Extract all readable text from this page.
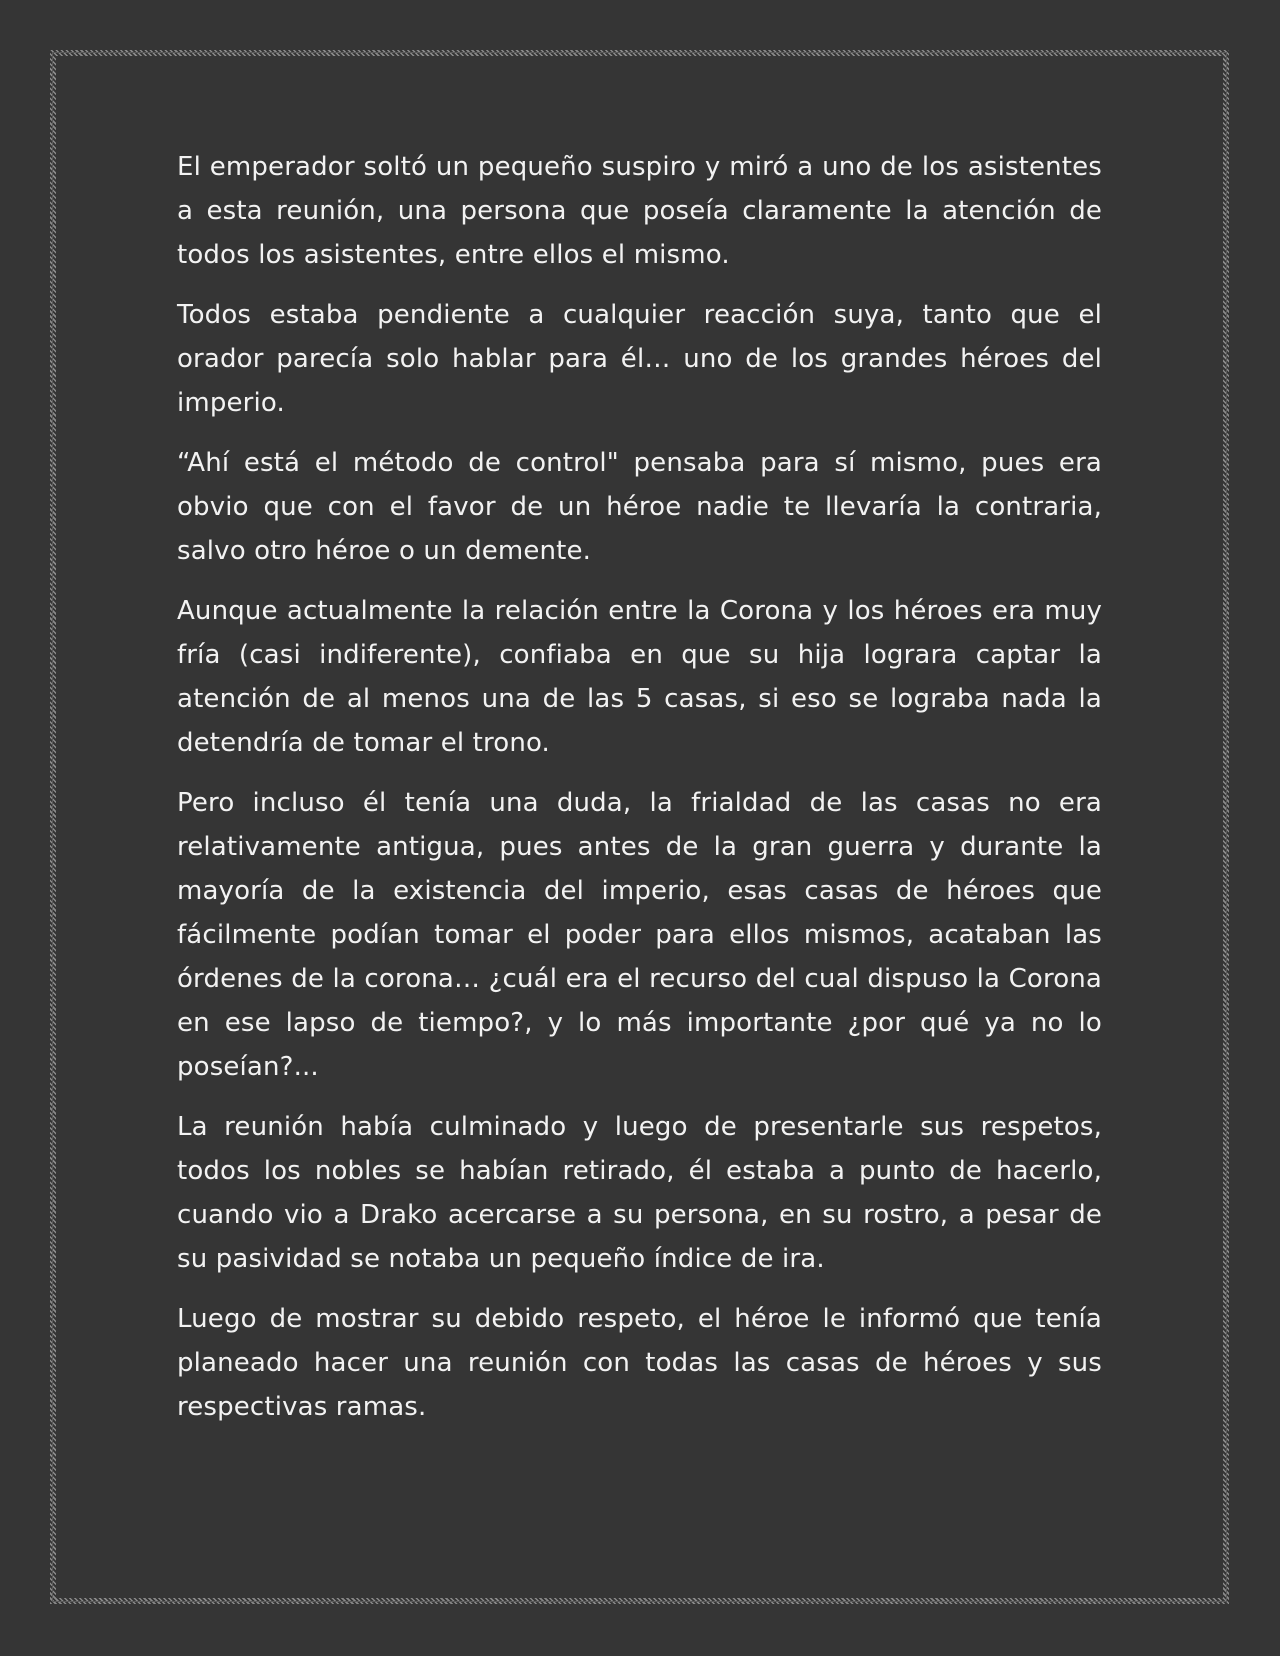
El emperador soltó un pequeño suspiro y miró a uno de los asistentes a esta reunión, una persona que poseía claramente la atención de todos los asistentes, entre ellos el mismo.

Todos estaba pendiente a cualquier reacción suya, tanto que el orador parecía solo hablar para él… uno de los grandes héroes del imperio.

“Ahí está el método de control" pensaba para sí mismo, pues era obvio que con el favor de un héroe nadie te llevaría la contraria, salvo otro héroe o un demente.

Aunque actualmente la relación entre la Corona y los héroes era muy fría (casi indiferente), confiaba en que su hija lograra captar la atención de al menos una de las 5 casas, si eso se lograba nada la detendría de tomar el trono.

Pero incluso él tenía una duda, la frialdad de las casas no era relativamente antigua, pues antes de la gran guerra y durante la mayoría de la existencia del imperio, esas casas de héroes que fácilmente podían tomar el poder para ellos mismos, acataban las órdenes de la corona… ¿cuál era el recurso del cual dispuso la Corona en ese lapso de tiempo?, y lo más importante ¿por qué ya no lo poseían?...

La reunión había culminado y luego de presentarle sus respetos, todos los nobles se habían retirado, él estaba a punto de hacerlo, cuando vio a Drako acercarse a su persona, en su rostro, a pesar de su pasividad se notaba un pequeño índice de ira.

Luego de mostrar su debido respeto, el héroe le informó que tenía planeado hacer una reunión con todas las casas de héroes y sus respectivas ramas.
